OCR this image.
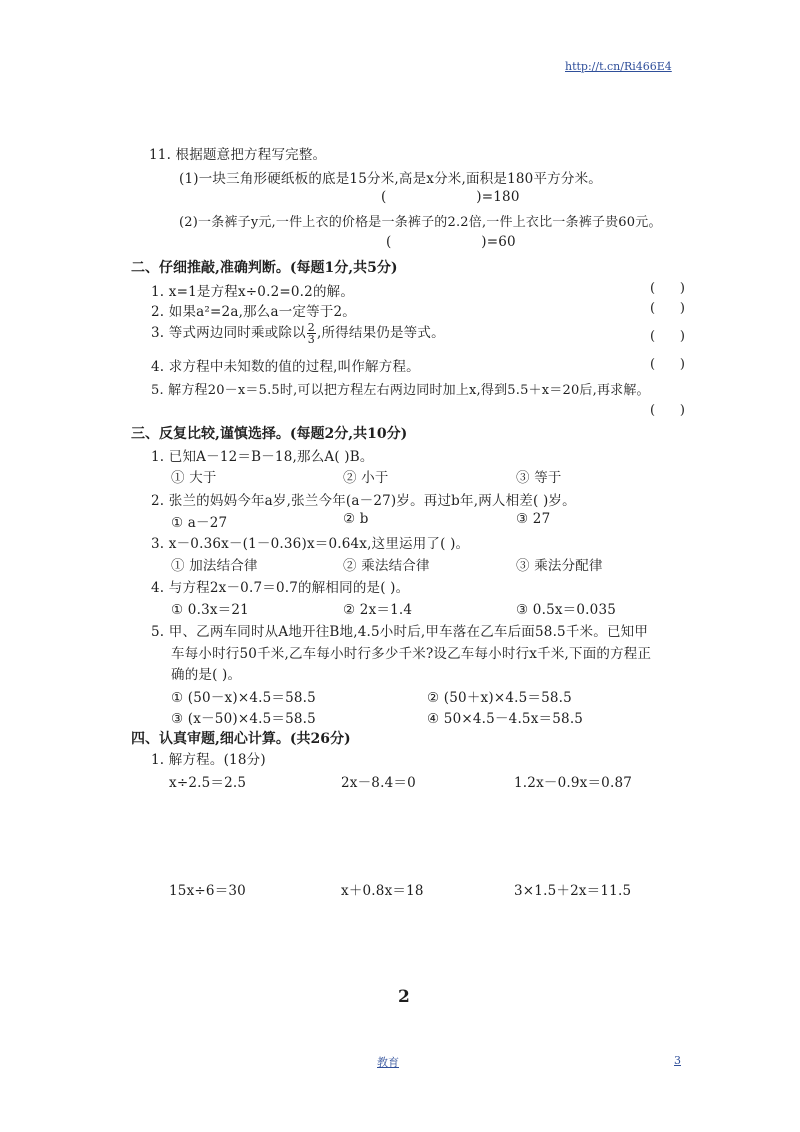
http://t.cn/Ri466E4
11. 根据题意把方程写完整。
(1)一块三角形硬纸板的底是15分米,高是x分米,面积是180平方分米。
(                    )=180
(2)一条裤子y元,一件上衣的价格是一条裤子的2.2倍,一件上衣比一条裤子贵60元。
(                    )=60
二、仔细推敲,准确判断。(每题1分,共5分)
1. x=1是方程x÷0.2=0.2的解。	(      )
2. 如果a²=2a,那么a一定等于2。	(      )
3. 等式两边同时乘或除以 $\frac{2}{3}$ ,所得结果仍是等式。	(      )
4. 求方程中未知数的值的过程,叫作解方程。	(      )
5. 解方程20－x＝5.5时,可以把方程左右两边同时加上x,得到5.5＋x＝20后,再求解。
(      )
三、反复比较,谨慎选择。(每题2分,共10分)
1. 已知A－12＝B－18,那么A( )B。
① 大于	② 小于	③ 等于
2. 张兰的妈妈今年a岁,张兰今年(a－27)岁。再过b年,两人相差( )岁。
① a－27	② b	③ 27
3. x－0.36x－(1－0.36)x＝0.64x,这里运用了( )。
① 加法结合律	② 乘法结合律	③ 乘法分配律
4. 与方程2x－0.7＝0.7的解相同的是( )。
① 0.3x＝21	② 2x＝1.4	③ 0.5x＝0.035
5. 甲、乙两车同时从A地开往B地,4.5小时后,甲车落在乙车后面58.5千米。已知甲
车每小时行50千米,乙车每小时行多少千米?设乙车每小时行x千米,下面的方程正
确的是( )。
① (50－x)×4.5＝58.5	② (50＋x)×4.5＝58.5
③ (x－50)×4.5＝58.5	④ 50×4.5－4.5x＝58.5
四、认真审题,细心计算。(共26分)
1. 解方程。(18分)
x÷2.5＝2.5	2x－8.4＝0	1.2x－0.9x＝0.87
15x÷6＝30	x＋0.8x＝18	3×1.5＋2x＝11.5
2
教育	3
